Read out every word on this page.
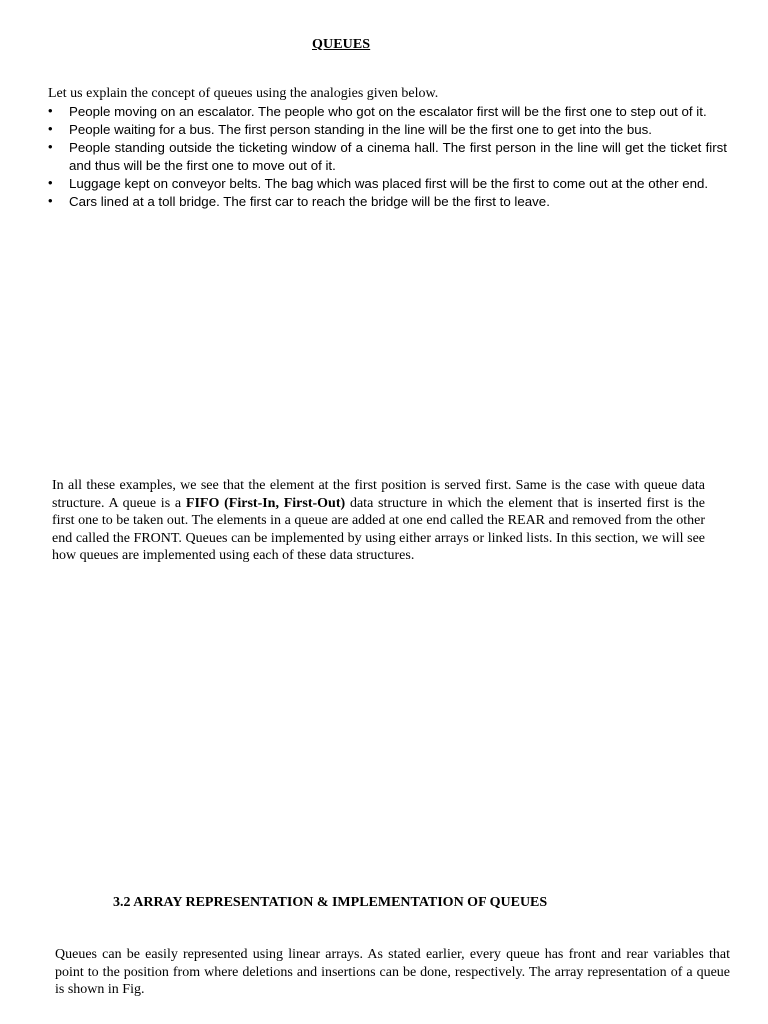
QUEUES
Let us explain the concept of queues using the analogies given below.
• People moving on an escalator. The people who got on the escalator first will be the first one to step out of it.
• People waiting for a bus. The first person standing in the line will be the first one to get into the bus.
• People standing outside the ticketing window of a cinema hall. The first person in the line will get the ticket first and thus will be the first one to move out of it.
• Luggage kept on conveyor belts. The bag which was placed first will be the first to come out at the other end.
• Cars lined at a toll bridge. The first car to reach the bridge will be the first to leave.

In all these examples, we see that the element at the first position is served first. Same is the case with queue data structure. A queue is a FIFO (First-In, First-Out) data structure in which the element that is inserted first is the first one to be taken out. The elements in a queue are added at one end called the REAR and removed from the other end called the FRONT. Queues can be implemented by using either arrays or linked lists. In this section, we will see how queues are implemented using each of these data structures.

3.2 ARRAY REPRESENTATION & IMPLEMENTATION OF QUEUES

Queues can be easily represented using linear arrays. As stated earlier, every queue has front and rear variables that point to the position from where deletions and insertions can be done, respectively. The array representation of a queue is shown in Fig.
